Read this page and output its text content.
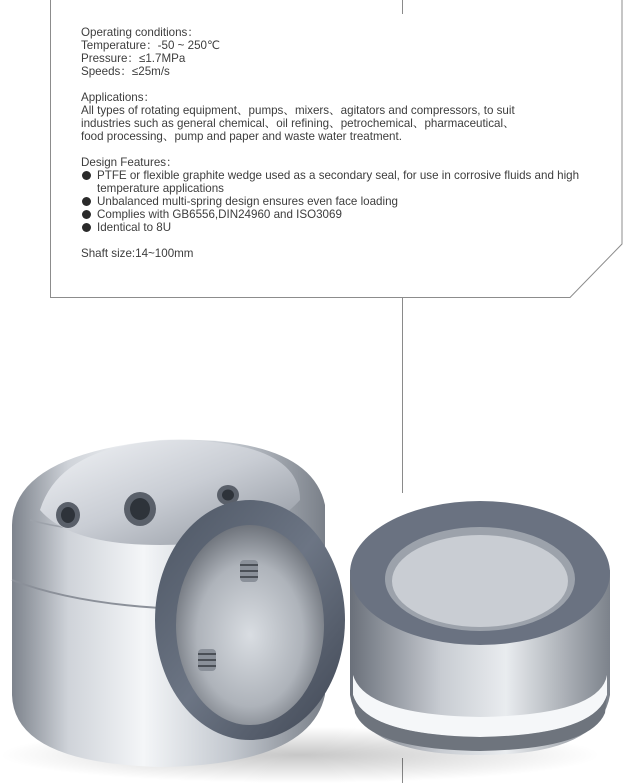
Operating conditions：

Temperature：-50 ~ 250℃

Pressure：≤1.7MPa

Speeds：≤25m/s

Applications：

All types of rotating equipment、pumps、mixers、agitators and compressors, to suit

industries such as general chemical、oil refining、petrochemical、pharmaceutical、

food processing、pump and paper and waste water treatment.

Design Features：

PTFE or flexible graphite wedge used as a secondary seal, for use in corrosive fluids and high temperature applications
Unbalanced multi-spring design ensures even face loading
Complies with GB6556,DIN24960 and ISO3069
Identical to 8U

Shaft size:14~100mm
